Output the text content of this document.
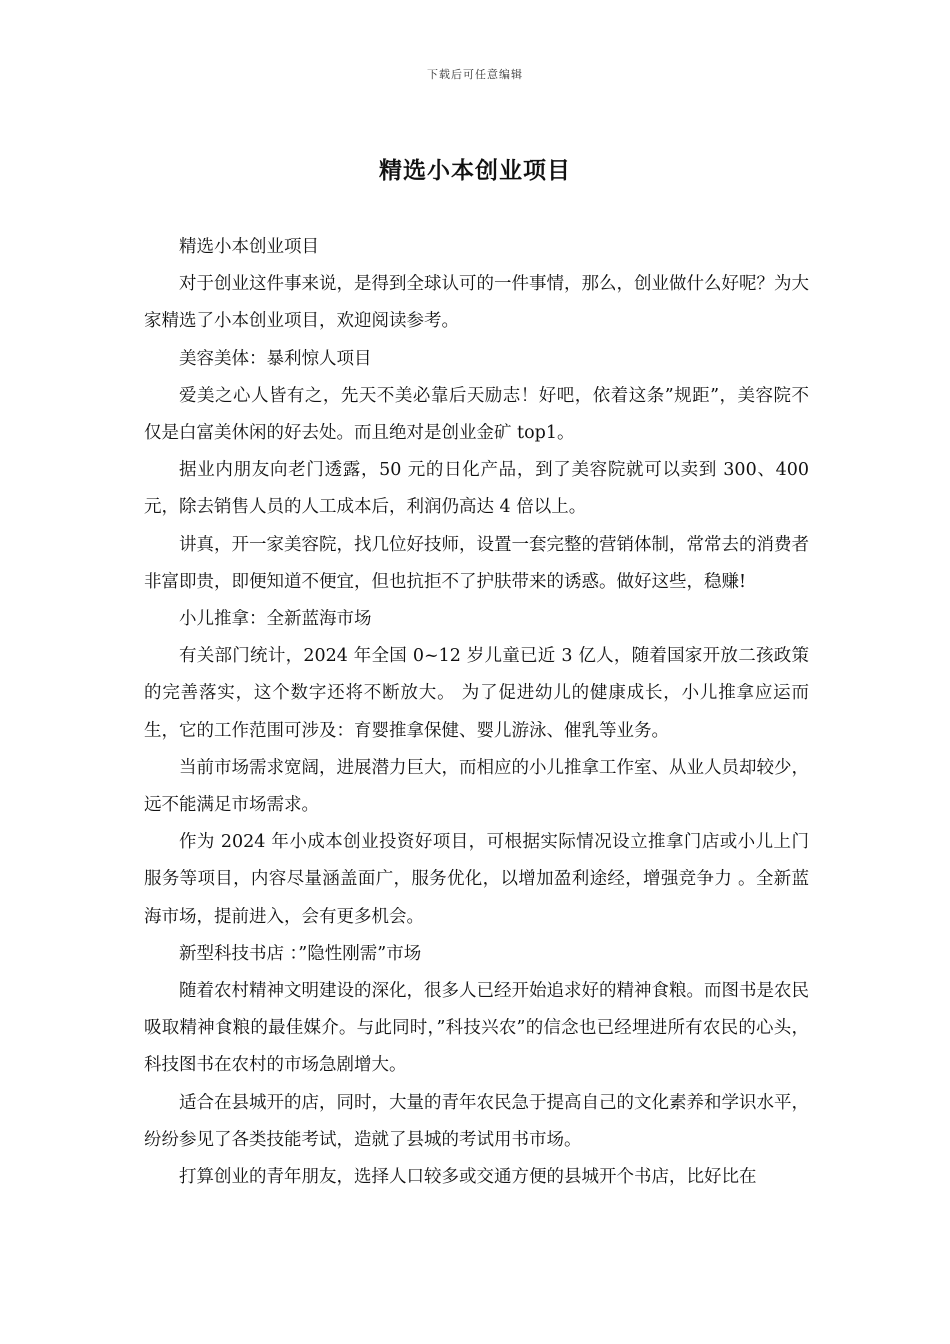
下载后可任意编辑
精选小本创业项目

精选小本创业项目

对于创业这件事来说，是得到全球认可的一件事情，那么，创业做什么好呢？为大家精选了小本创业项目，欢迎阅读参考。

美容美体：暴利惊人项目

爱美之心人皆有之，先天不美必靠后天励志！好吧，依着这条”规距”，美容院不仅是白富美休闲的好去处。而且绝对是创业金矿 top1。

据业内朋友向老门透露，50 元的日化产品，到了美容院就可以卖到 300、400 元，除去销售人员的人工成本后，利润仍高达 4 倍以上。

讲真，开一家美容院，找几位好技师，设置一套完整的营销体制，常常去的消费者非富即贵，即便知道不便宜，但也抗拒不了护肤带来的诱惑。做好这些，稳赚!

小儿推拿：全新蓝海市场

有关部门统计，2024 年全国 0~12 岁儿童已近 3 亿人，随着国家开放二孩政策的完善落实，这个数字还将不断放大。 为了促进幼儿的健康成长，小儿推拿应运而生，它的工作范围可涉及：育婴推拿保健、婴儿游泳、催乳等业务。

当前市场需求宽阔，进展潜力巨大，而相应的小儿推拿工作室、从业人员却较少，远不能满足市场需求。

作为 2024 年小成本创业投资好项目，可根据实际情况设立推拿门店或小儿上门服务等项目，内容尽量涵盖面广，服务优化，以增加盈利途经，增强竞争力 。全新蓝海市场，提前进入，会有更多机会。

新型科技书店 ：”隐性刚需”市场

随着农村精神文明建设的深化，很多人已经开始追求好的精神食粮。而图书是农民吸取精神食粮的最佳媒介。与此同时，”科技兴农”的信念也已经埋进所有农民的心头，科技图书在农村的市场急剧增大。

适合在县城开的店，同时，大量的青年农民急于提高自己的文化素养和学识水平，纷纷参见了各类技能考试，造就了县城的考试用书市场。

打算创业的青年朋友，选择人口较多或交通方便的县城开个书店，比好比在
